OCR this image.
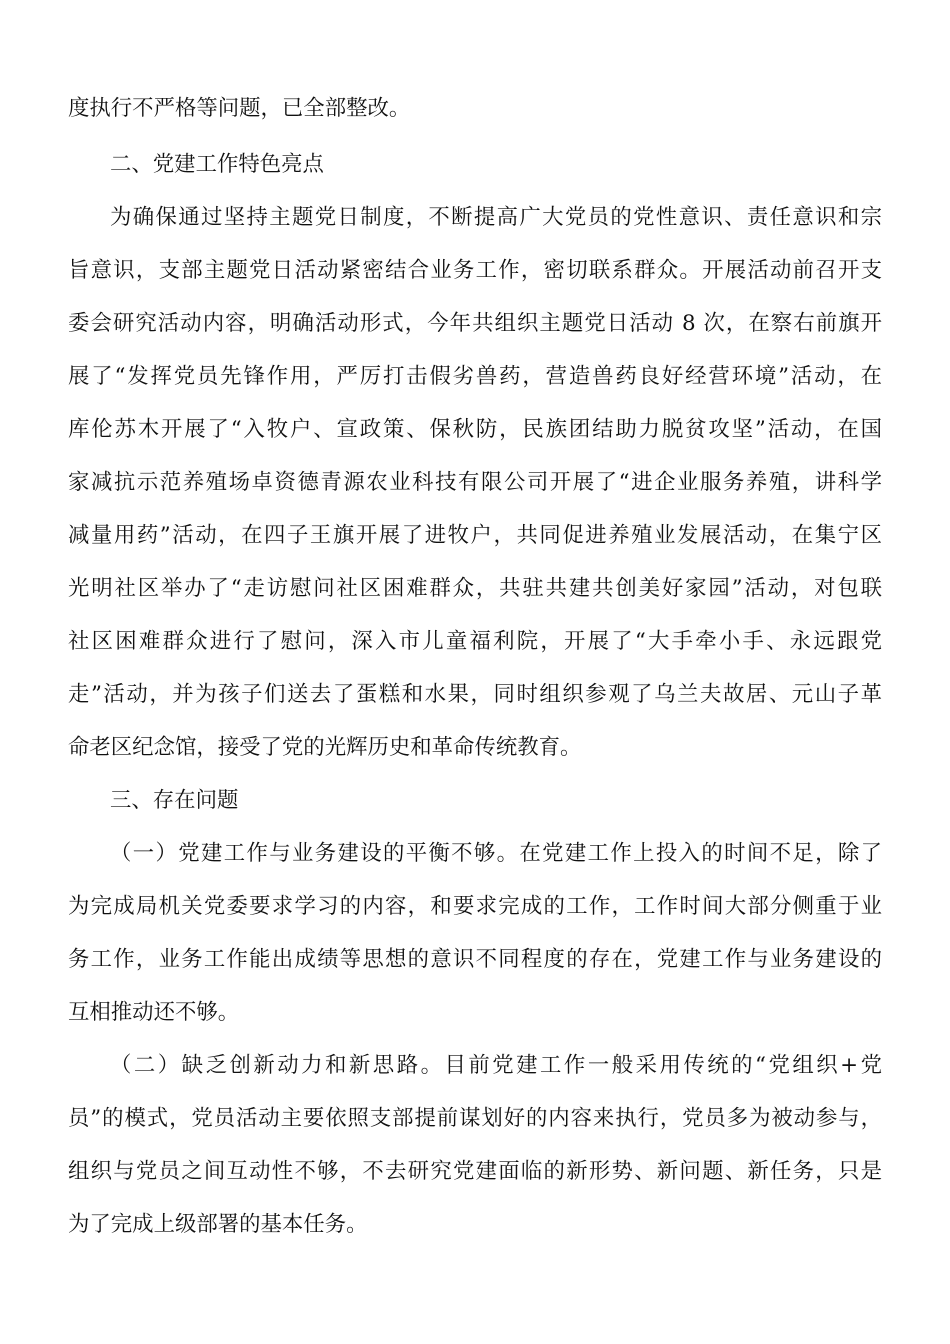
度执行不严格等问题，已全部整改。
二、党建工作特色亮点
为确保通过坚持主题党日制度，不断提高广大党员的党性意识、责任意识和宗
旨意识，支部主题党日活动紧密结合业务工作，密切联系群众。开展活动前召开支
委会研究活动内容，明确活动形式，今年共组织主题党日活动 8 次，在察右前旗开
展了“发挥党员先锋作用，严厉打击假劣兽药，营造兽药良好经营环境”活动，在
库伦苏木开展了“入牧户、宣政策、保秋防，民族团结助力脱贫攻坚”活动，在国
家减抗示范养殖场卓资德青源农业科技有限公司开展了“进企业服务养殖，讲科学
减量用药”活动，在四子王旗开展了进牧户，共同促进养殖业发展活动，在集宁区
光明社区举办了“走访慰问社区困难群众，共驻共建共创美好家园”活动，对包联
社区困难群众进行了慰问，深入市儿童福利院，开展了“大手牵小手、永远跟党
走”活动，并为孩子们送去了蛋糕和水果，同时组织参观了乌兰夫故居、元山子革
命老区纪念馆，接受了党的光辉历史和革命传统教育。
三、存在问题
（一）党建工作与业务建设的平衡不够。在党建工作上投入的时间不足，除了
为完成局机关党委要求学习的内容，和要求完成的工作，工作时间大部分侧重于业
务工作，业务工作能出成绩等思想的意识不同程度的存在，党建工作与业务建设的
互相推动还不够。
（二）缺乏创新动力和新思路。目前党建工作一般采用传统的“党组织+党
员”的模式，党员活动主要依照支部提前谋划好的内容来执行，党员多为被动参与，
组织与党员之间互动性不够，不去研究党建面临的新形势、新问题、新任务，只是
为了完成上级部署的基本任务。
